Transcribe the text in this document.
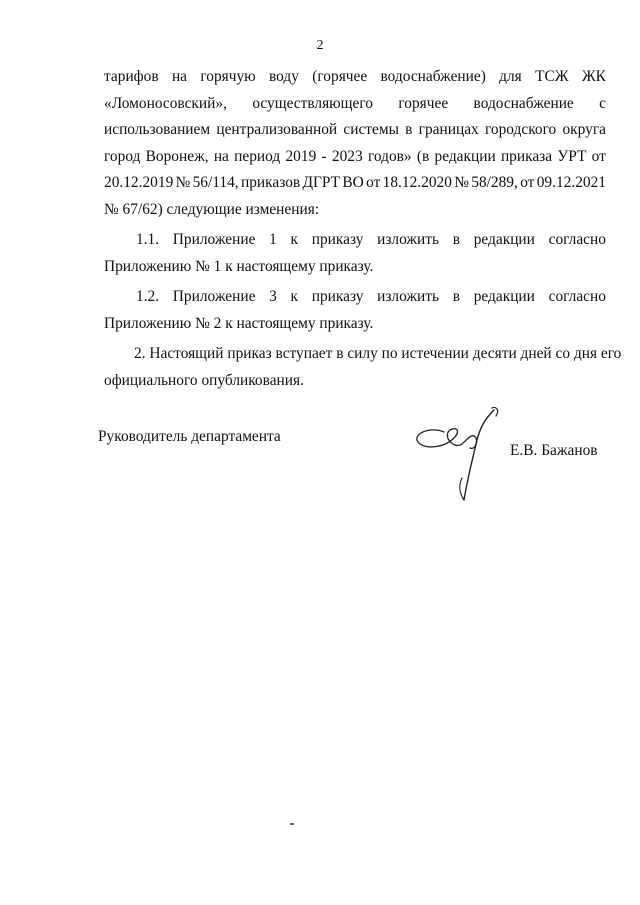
2

тарифов на горячую воду (горячее водоснабжение) для ТСЖ ЖК
«Ломоносовский», осуществляющего горячее водоснабжение с
использованием централизованной системы в границах городского округа
город Воронеж, на период 2019 - 2023 годов» (в редакции приказа УРТ от
20.12.2019 № 56/114, приказов ДГРТ ВО от 18.12.2020 № 58/289, от 09.12.2021
№ 67/62) следующие изменения:

1.1. Приложение 1 к приказу изложить в редакции согласно
Приложению № 1 к настоящему приказу.

1.2. Приложение 3 к приказу изложить в редакции согласно
Приложению № 2 к настоящему приказу.

2. Настоящий приказ вступает в силу по истечении десяти дней со дня его
официального опубликования.

Руководитель департамента
Е.В. Бажанов
